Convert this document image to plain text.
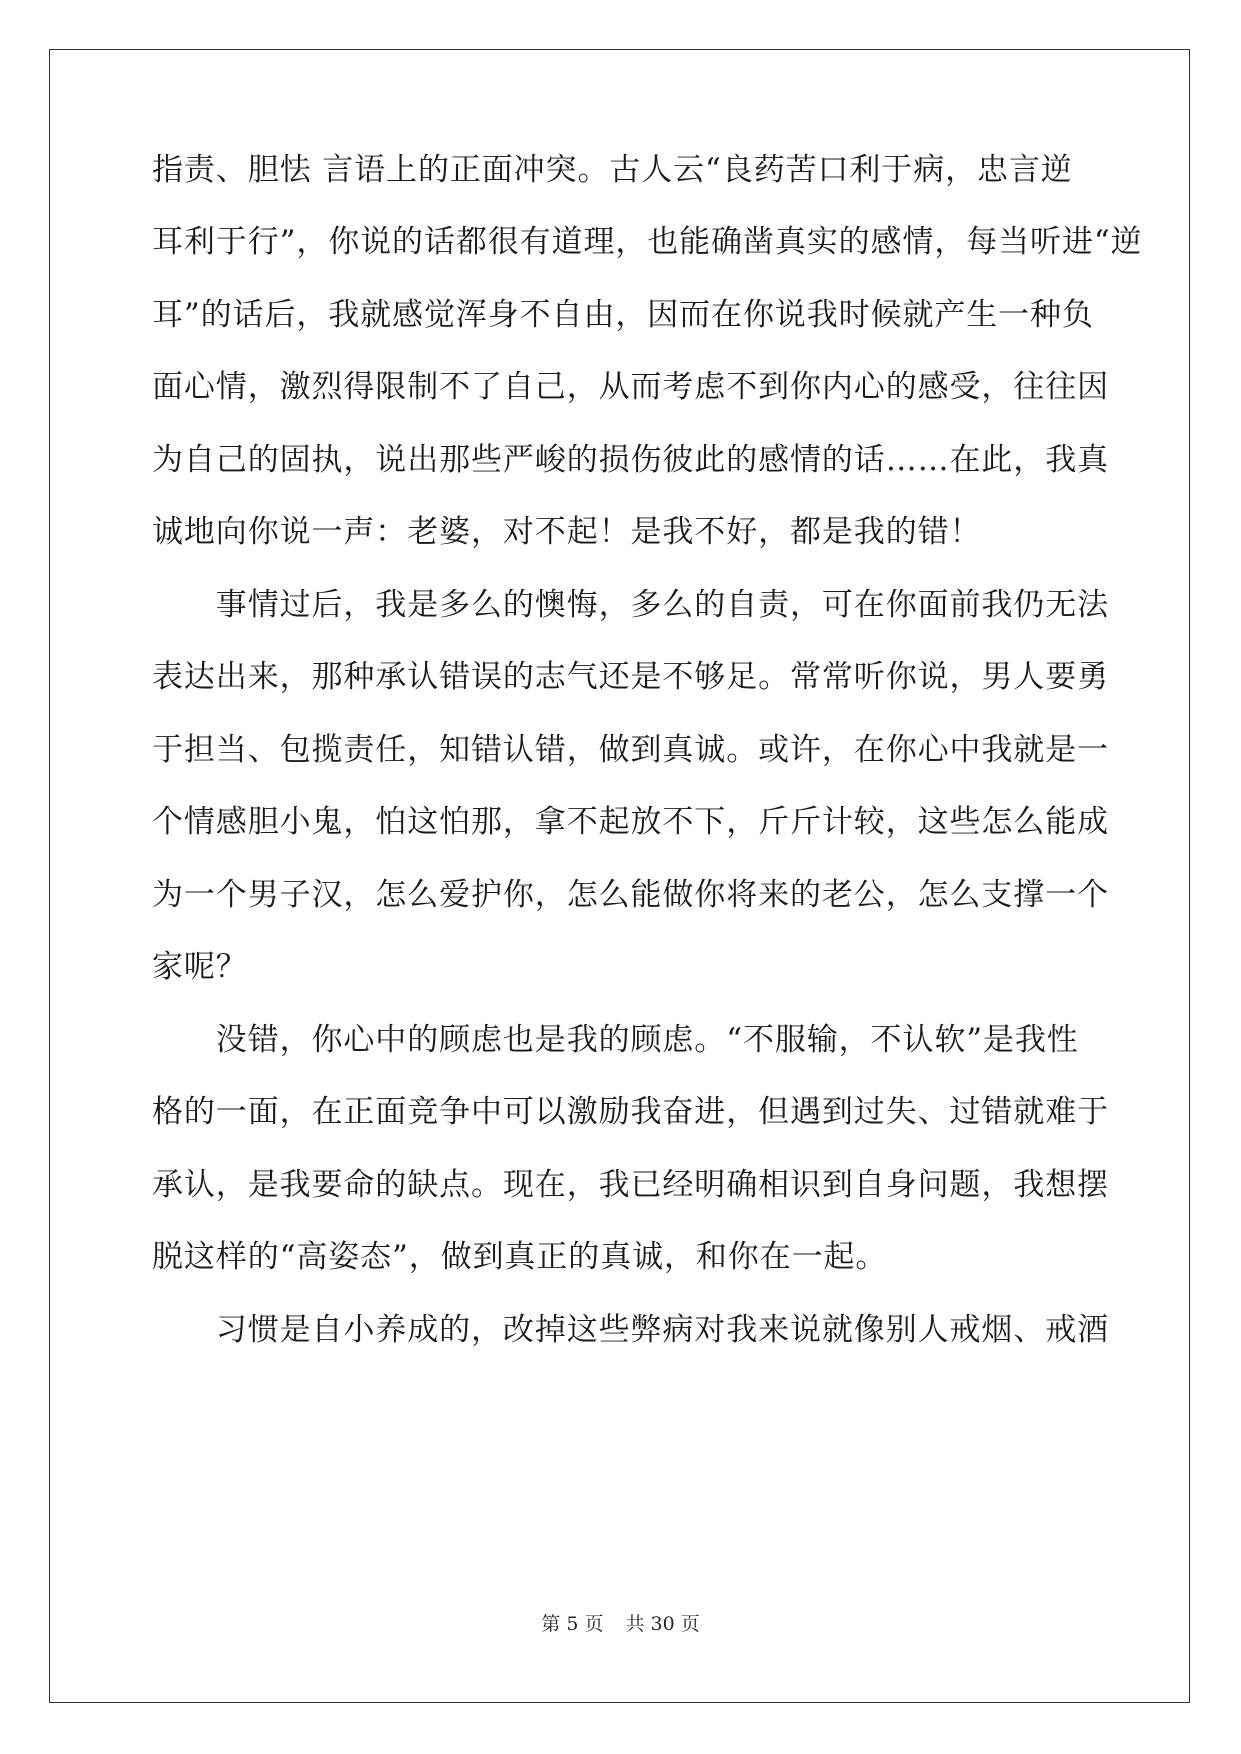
指责、胆怯 言语上的正面冲突。古人云“良药苦口利于病，忠言逆
耳利于行”，你说的话都很有道理，也能确凿真实的感情，每当听进“逆
耳”的话后，我就感觉浑身不自由，因而在你说我时候就产生一种负
面心情，激烈得限制不了自己，从而考虑不到你内心的感受，往往因
为自己的固执，说出那些严峻的损伤彼此的感情的话……在此，我真
诚地向你说一声：老婆，对不起！是我不好，都是我的错！
　　事情过后，我是多么的懊悔，多么的自责，可在你面前我仍无法
表达出来，那种承认错误的志气还是不够足。常常听你说，男人要勇
于担当、包揽责任，知错认错，做到真诚。或许，在你心中我就是一
个情感胆小鬼，怕这怕那，拿不起放不下，斤斤计较，这些怎么能成
为一个男子汉，怎么爱护你，怎么能做你将来的老公，怎么支撑一个
家呢？
　　没错，你心中的顾虑也是我的顾虑。“不服输，不认软”是我性
格的一面，在正面竞争中可以激励我奋进，但遇到过失、过错就难于
承认，是我要命的缺点。现在，我已经明确相识到自身问题，我想摆
脱这样的“高姿态”，做到真正的真诚，和你在一起。
　　习惯是自小养成的，改掉这些弊病对我来说就像别人戒烟、戒酒
第 5 页 共 30 页
